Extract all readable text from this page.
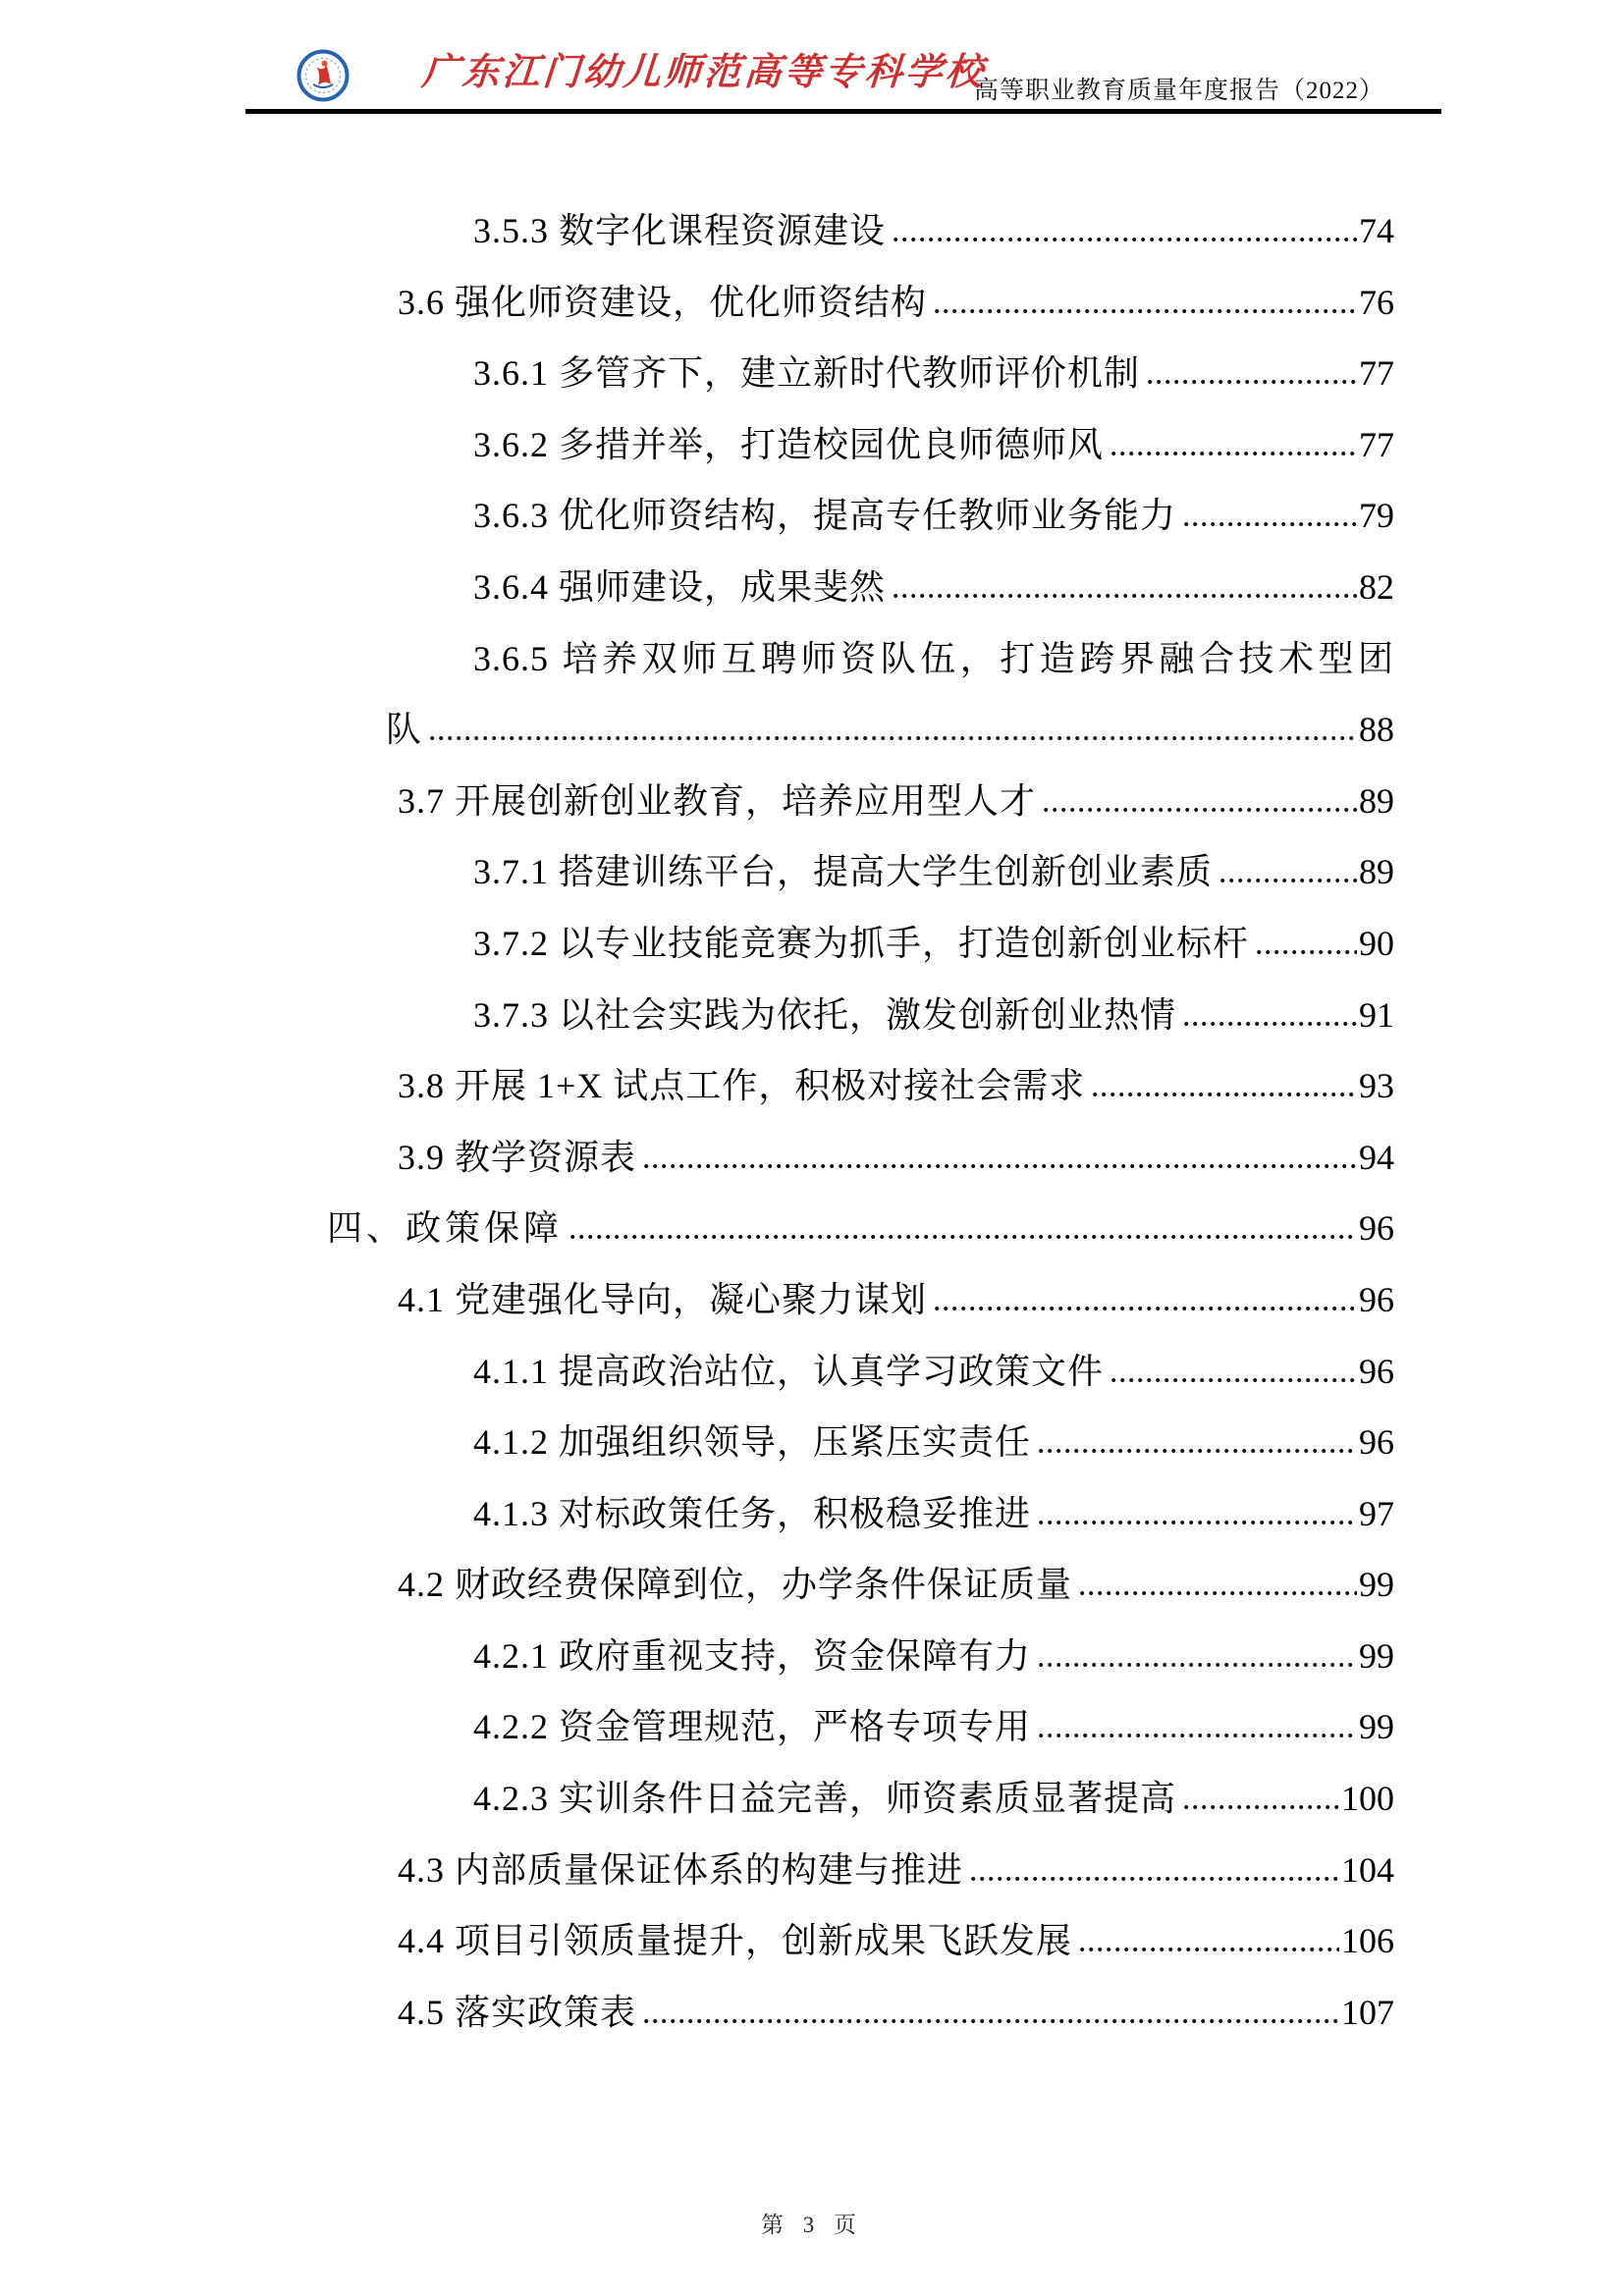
广东江门幼儿师范高等专科学校
高等职业教育质量年度报告（2022）
3.5.3 数字化课程资源建设	74
3.6 强化师资建设，优化师资结构	76
3.6.1 多管齐下，建立新时代教师评价机制	77
3.6.2 多措并举，打造校园优良师德师风	77
3.6.3 优化师资结构，提高专任教师业务能力	79
3.6.4 强师建设，成果斐然	82
3.6.5 培养双师互聘师资队伍，打造跨界融合技术型团
队	88
3.7 开展创新创业教育，培养应用型人才	89
3.7.1 搭建训练平台，提高大学生创新创业素质	89
3.7.2 以专业技能竞赛为抓手，打造创新创业标杆	90
3.7.3 以社会实践为依托，激发创新创业热情	91
3.8 开展 1+X 试点工作，积极对接社会需求	93
3.9 教学资源表	94
四、政策保障	96
4.1 党建强化导向，凝心聚力谋划	96
4.1.1 提高政治站位，认真学习政策文件	96
4.1.2 加强组织领导，压紧压实责任	96
4.1.3 对标政策任务，积极稳妥推进	97
4.2 财政经费保障到位，办学条件保证质量	99
4.2.1 政府重视支持，资金保障有力	99
4.2.2 资金管理规范，严格专项专用	99
4.2.3 实训条件日益完善，师资素质显著提高	100
4.3 内部质量保证体系的构建与推进	104
4.4 项目引领质量提升，创新成果飞跃发展	106
4.5 落实政策表	107
第 3 页
